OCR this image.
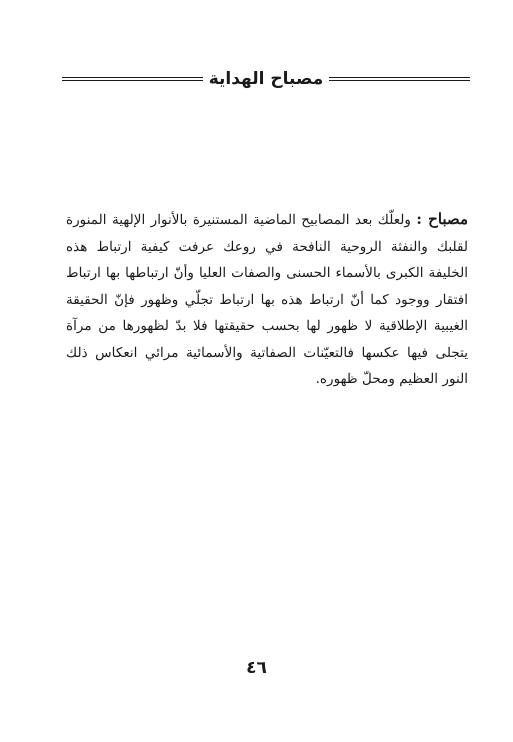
مصباح الهداية
مصباح : ولعلّك بعد المصابيح الماضية المستنيرة بالأنوار الإلهية المنورة لقلبك والنفثة الروحية النافحة في روعك عرفت كيفية ارتباط هذه الخليفة الكبرى بالأسماء الحسنى والصفات العليا وأنّ ارتباطها بها ارتباط افتقار ووجود كما أنّ ارتباط هذه بها ارتباط تجلّي وظهور فإنّ الحقيقة الغيبية الإطلاقية لا ظهور لها بحسب حقيقتها فلا بدّ لظهورها من مرآة يتجلى فيها عكسها فالتعيّنات الصفاتية والأسمائية مرائي انعكاس ذلك النور العظيم ومحلّ ظهوره.
٤٦
